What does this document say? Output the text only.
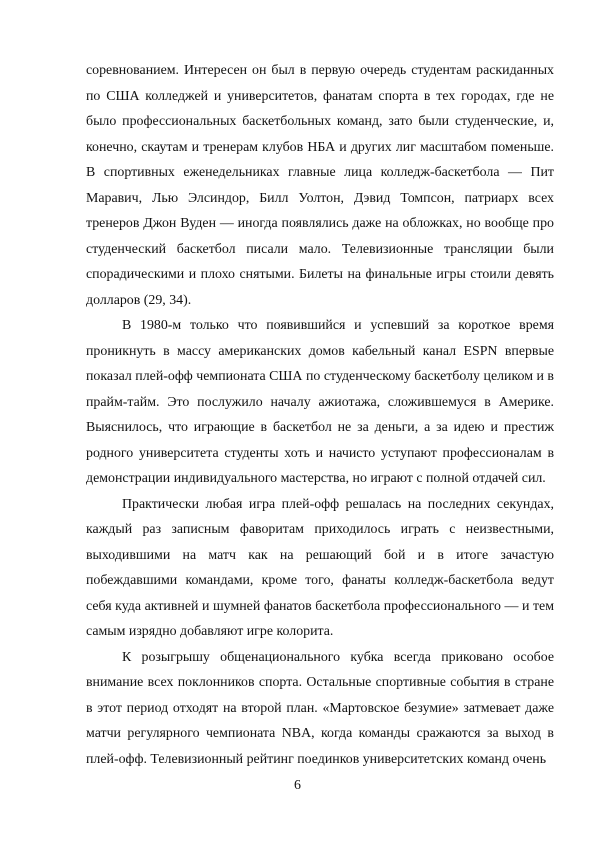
соревнованием. Интересен он был в первую очередь студентам раскиданных по США колледжей и университетов, фанатам спорта в тех городах, где не было профессиональных баскетбольных команд, зато были студенческие, и, конечно, скаутам и тренерам клубов НБА и других лиг масштабом поменьше. В спортивных еженедельниках главные лица колледж-баскетбола — Пит Маравич, Лью Элсиндор, Билл Уолтон, Дэвид Томпсон, патриарх всех тренеров Джон Вуден — иногда появлялись даже на обложках, но вообще про студенческий баскетбол писали мало. Телевизионные трансляции были спорадическими и плохо снятыми. Билеты на финальные игры стоили девять долларов (29, 34).

В 1980-м только что появившийся и успевший за короткое время проникнуть в массу американских домов кабельный канал ESPN впервые показал плей-офф чемпионата США по студенческому баскетболу целиком и в прайм-тайм. Это послужило началу ажиотажа, сложившемуся в Америке. Выяснилось, что играющие в баскетбол не за деньги, а за идею и престиж родного университета студенты хоть и начисто уступают профессионалам в демонстрации индивидуального мастерства, но играют с полной отдачей сил.

Практически любая игра плей-офф решалась на последних секундах, каждый раз записным фаворитам приходилось играть с неизвестными, выходившими на матч как на решающий бой и в итоге зачастую побеждавшими командами, кроме того, фанаты колледж-баскетбола ведут себя куда активней и шумней фанатов баскетбола профессионального — и тем самым изрядно добавляют игре колорита.

К розыгрышу общенационального кубка всегда приковано особое внимание всех поклонников спорта. Остальные спортивные события в стране в этот период отходят на второй план. «Мартовское безумие» затмевает даже матчи регулярного чемпионата NBA, когда команды сражаются за выход в плей-офф. Телевизионный рейтинг поединков университетских команд очень

6
